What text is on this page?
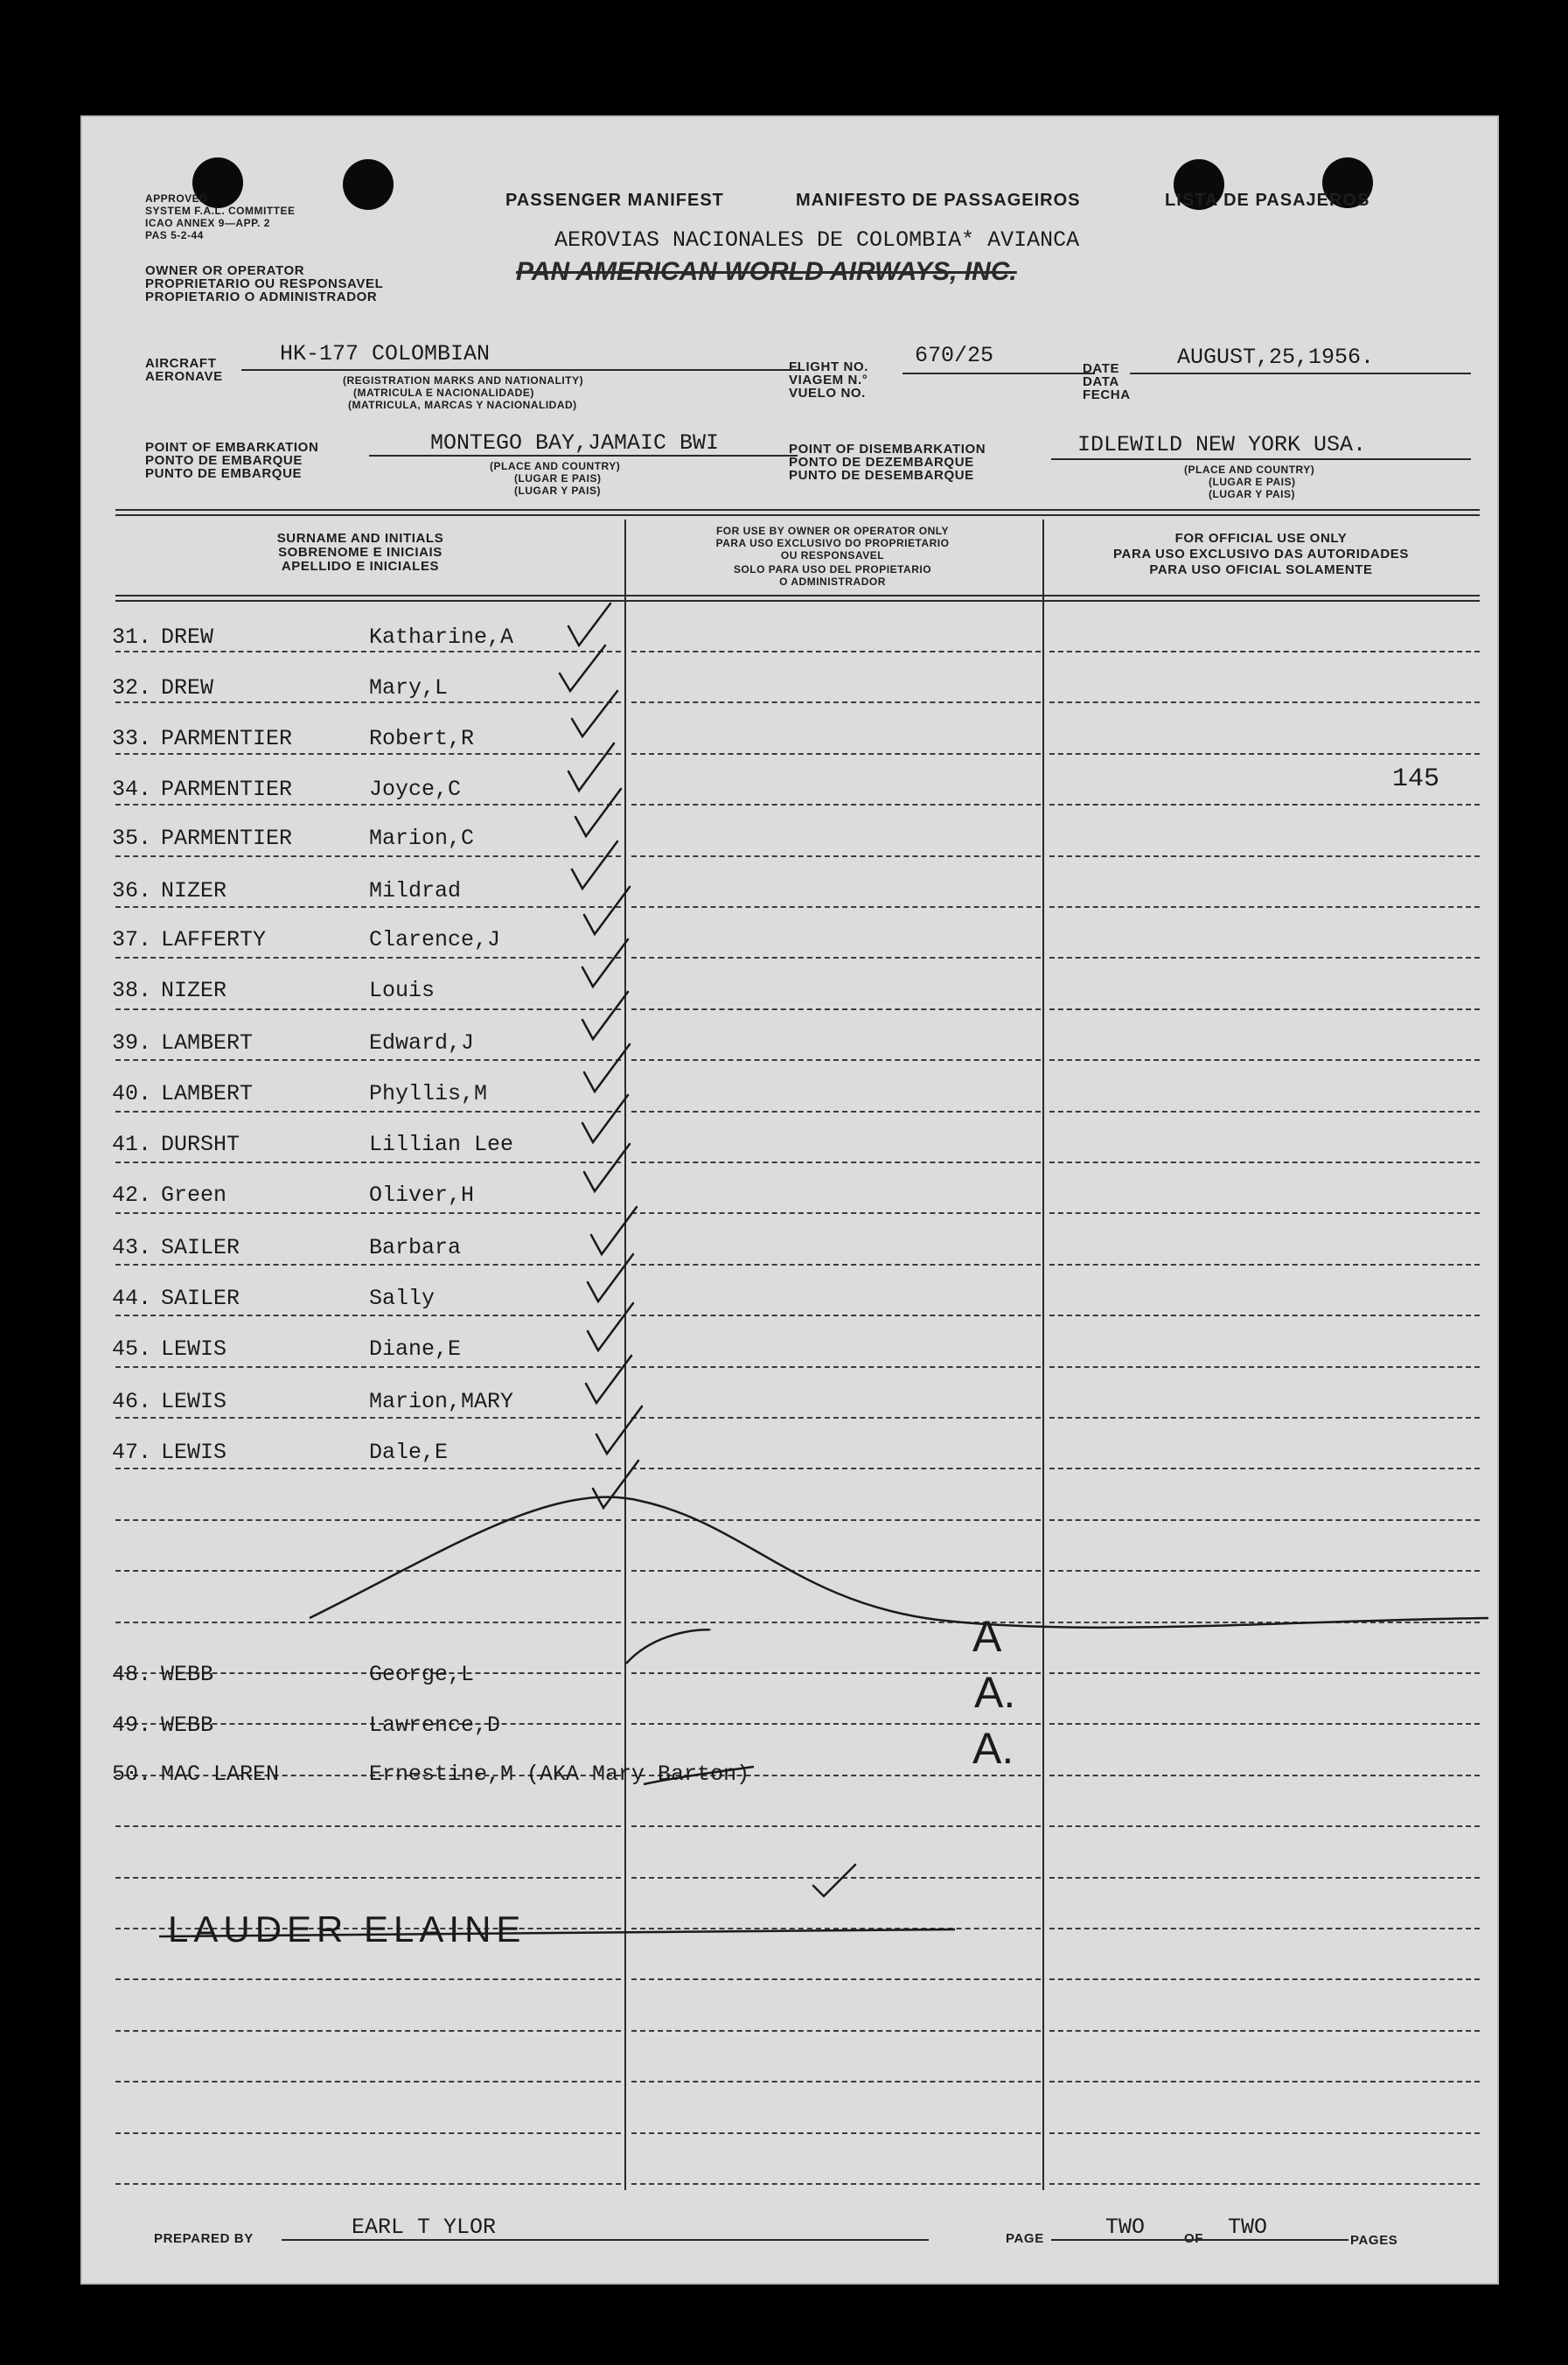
APPROVED
SYSTEM F.A.L. COMMITTEE
ICAO ANNEX 9—APP. 2
PAS 5-2-44
OWNER OR OPERATOR
PROPRIETARIO OU RESPONSAVEL
PROPIETARIO O ADMINISTRADOR
PASSENGER MANIFEST	MANIFESTO DE PASSAGEIROS	LISTA DE PASAJEROS
AEROVIAS NACIONALES DE COLOMBIA* AVIANCA
PAN AMERICAN WORLD AIRWAYS, INC.
AIRCRAFT
AERONAVE
HK-177 COLOMBIAN
(REGISTRATION MARKS AND NATIONALITY)
(MATRICULA E NACIONALIDADE)
(MATRICULA, MARCAS Y NACIONALIDAD)
FLIGHT NO.
VIAGEM N.°
VUELO NO.
670/25
DATE
DATA
FECHA
AUGUST,25,1956.
POINT OF EMBARKATION
PONTO DE EMBARQUE
PUNTO DE EMBARQUE
MONTEGO BAY,JAMAIC BWI
(PLACE AND COUNTRY)
(LUGAR E PAIS)
(LUGAR Y PAIS)
POINT OF DISEMBARKATION
PONTO DE DEZEMBARQUE
PUNTO DE DESEMBARQUE
IDLEWILD NEW YORK USA.
(PLACE AND COUNTRY)
(LUGAR E PAIS)
(LUGAR Y PAIS)
SURNAME AND INITIALS
SOBRENOME E INICIAIS
APELLIDO E INICIALES
FOR USE BY OWNER OR OPERATOR ONLY
PARA USO EXCLUSIVO DO PROPRIETARIO
OU RESPONSAVEL
SOLO PARA USO DEL PROPIETARIO
O ADMINISTRADOR
FOR OFFICIAL USE ONLY
PARA USO EXCLUSIVO DAS AUTORIDADES
PARA USO OFICIAL SOLAMENTE
31. DREW	Katharine,A
32. DREW	Mary,L
33. PARMENTIER	Robert,R
34. PARMENTIER	Joyce,C
35. PARMENTIER	Marion,C
36. NIZER	Mildrad
37. LAFFERTY	Clarence,J
38. NIZER	Louis
39. LAMBERT	Edward,J
40. LAMBERT	Phyllis,M
41. DURSHT	Lillian Lee
42. Green	Oliver,H
43. SAILER	Barbara
44. SAILER	Sally
45. LEWIS	Diane,E
46. LEWIS	Marion,MARY
47. LEWIS	Dale,E
48. WEBB	George,L
49. WEBB	Lawrence,D
50. MAC LAREN	Ernestine,M (AKA Mary Barton)
145
A
A.
A.
LAUDER ELAINE
PREPARED BY	EARL T YLOR	PAGE	TWO	OF TWO
PAGES
